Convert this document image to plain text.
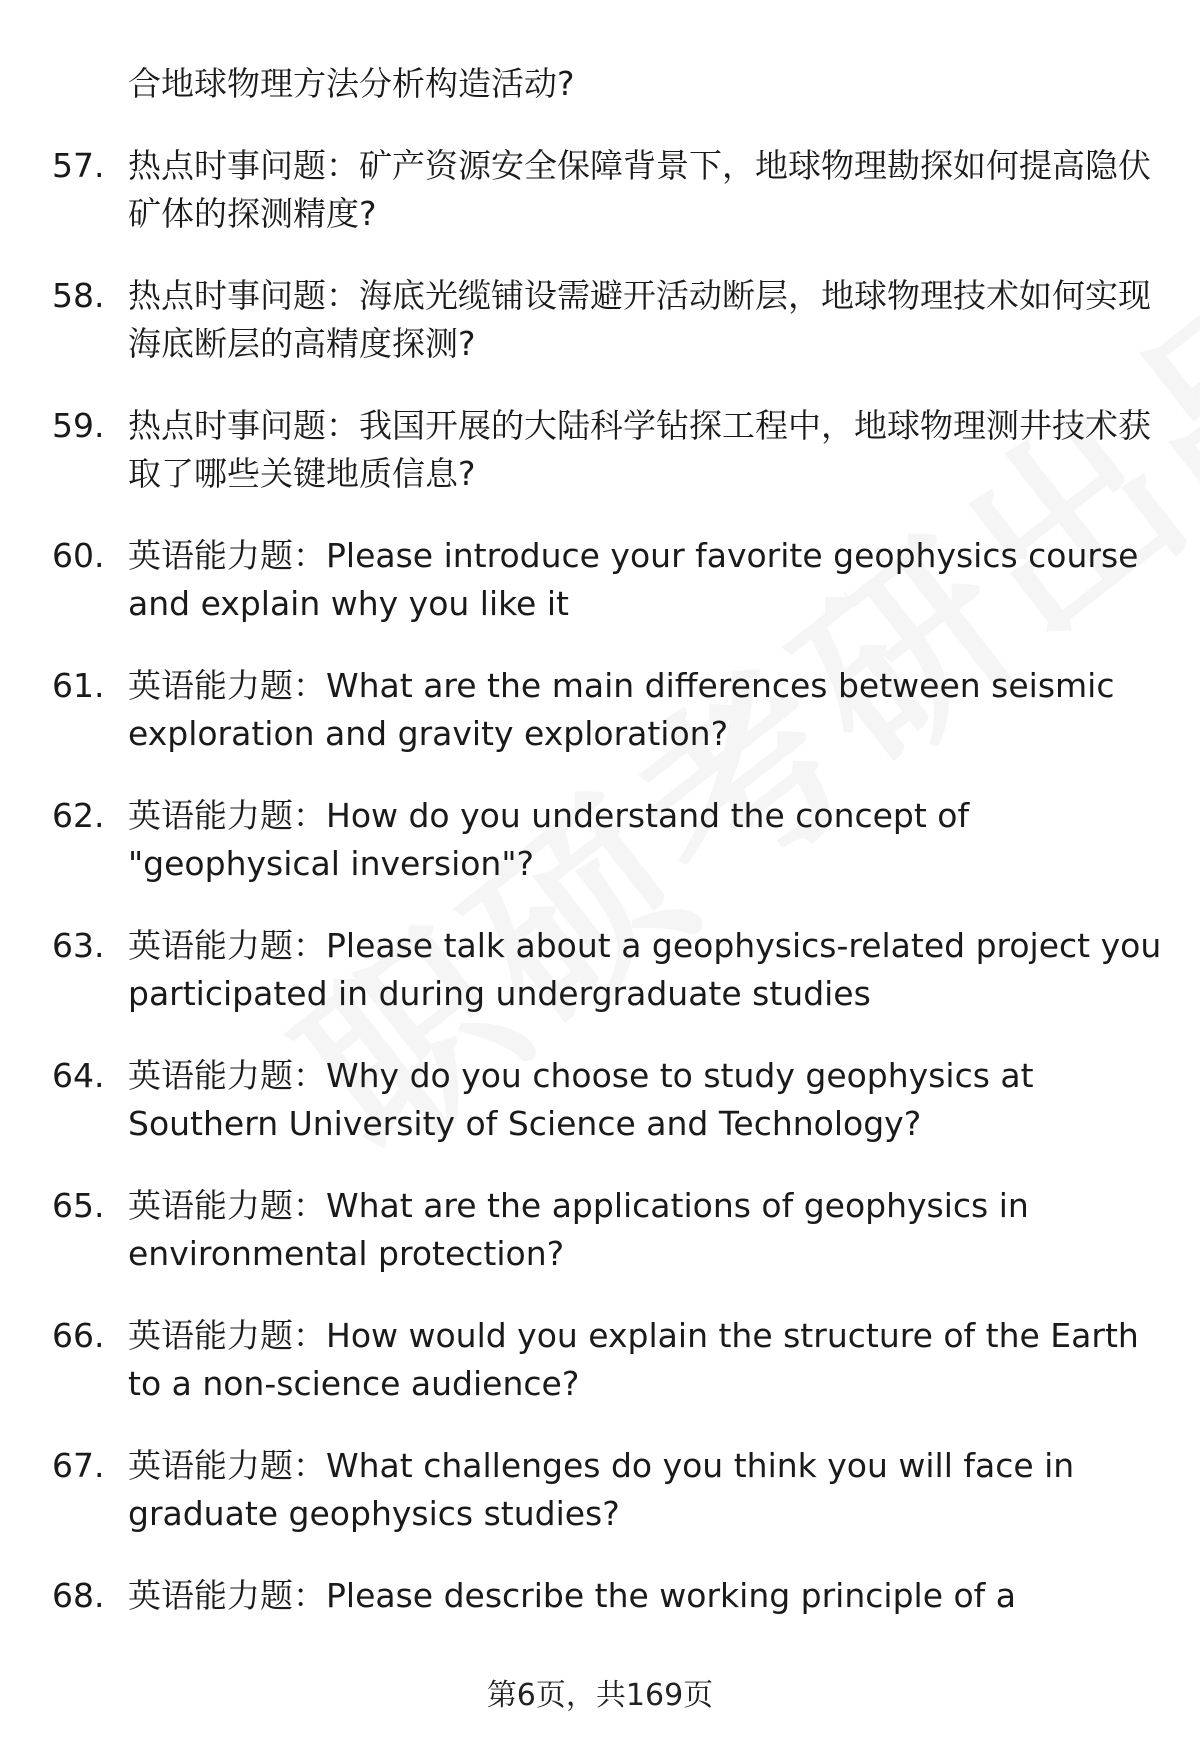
合地球物理方法分析构造活动?
57. 热点时事问题：矿产资源安全保障背景下，地球物理勘探如何提高隐伏矿体的探测精度?
58. 热点时事问题：海底光缆铺设需避开活动断层，地球物理技术如何实现海底断层的高精度探测?
59. 热点时事问题：我国开展的大陆科学钻探工程中，地球物理测井技术获取了哪些关键地质信息?
60. 英语能力题：Please introduce your favorite geophysics course and explain why you like it
61. 英语能力题：What are the main differences between seismic exploration and gravity exploration?
62. 英语能力题：How do you understand the concept of "geophysical inversion"?
63. 英语能力题：Please talk about a geophysics-related project you participated in during undergraduate studies
64. 英语能力题：Why do you choose to study geophysics at Southern University of Science and Technology?
65. 英语能力题：What are the applications of geophysics in environmental protection?
66. 英语能力题：How would you explain the structure of the Earth to a non-science audience?
67. 英语能力题：What challenges do you think you will face in graduate geophysics studies?
68. 英语能力题：Please describe the working principle of a
第6页，共169页
